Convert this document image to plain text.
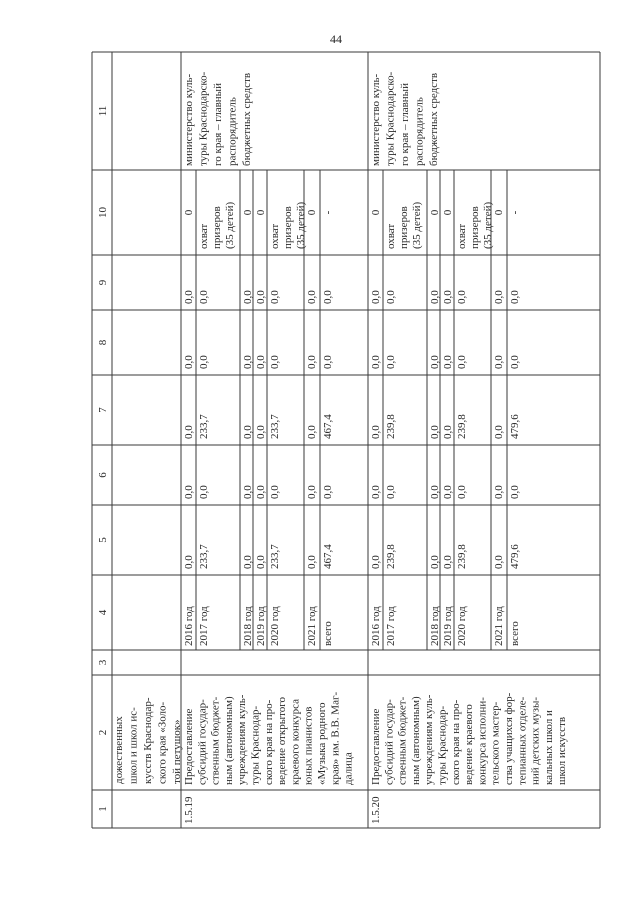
44
1
2
3
4
5
6
7
8
9
10
11
дожественных школ и школ ис- кусств Краснодар- ского края «Золо- той петушок»
1.5.19
Предоставление субсидий государ- ственным бюджет- ным (автономным) учреждениям куль- туры Краснодар- ского края на про- ведение открытого краевого конкурса юных пианистов «Музыка родного края» им. В.В. Маг- далица
министерство куль- туры Краснодарско- го края – главный распорядитель бюджетных средств
2016 год
0,0
0,0
0,0
0,0
0,0
0
2017 год
233,7
0,0
233,7
0,0
0,0
охват призеров (35 детей)
2018 год
0,0
0,0
0,0
0,0
0,0
0
2019 год
0,0
0,0
0,0
0,0
0,0
0
2020 год
233,7
0,0
233,7
0,0
0,0
охват призеров (35 детей)
2021 год
0,0
0,0
0,0
0,0
0,0
0
всего
467,4
0,0
467,4
0,0
0,0
-
1.5.20
Предоставление субсидий государ- ственным бюджет- ным (автономным) учреждениям куль- туры Краснодар- ского края на про- ведение краевого конкурса исполни- тельского мастер- ства учащихся фор- тепианных отделе- ний детских музы- кальных школ и школ искусств
министерство куль- туры Краснодарско- го края – главный распорядитель бюджетных средств
2016 год
0,0
0,0
0,0
0,0
0,0
0
2017 год
239,8
0,0
239,8
0,0
0,0
охват призеров (35 детей)
2018 год
0,0
0,0
0,0
0,0
0,0
0
2019 год
0,0
0,0
0,0
0,0
0,0
0
2020 год
239,8
0,0
239,8
0,0
0,0
охват призеров (35 детей)
2021 год
0,0
0,0
0,0
0,0
0,0
0
всего
479,6
0,0
479,6
0,0
0,0
-
